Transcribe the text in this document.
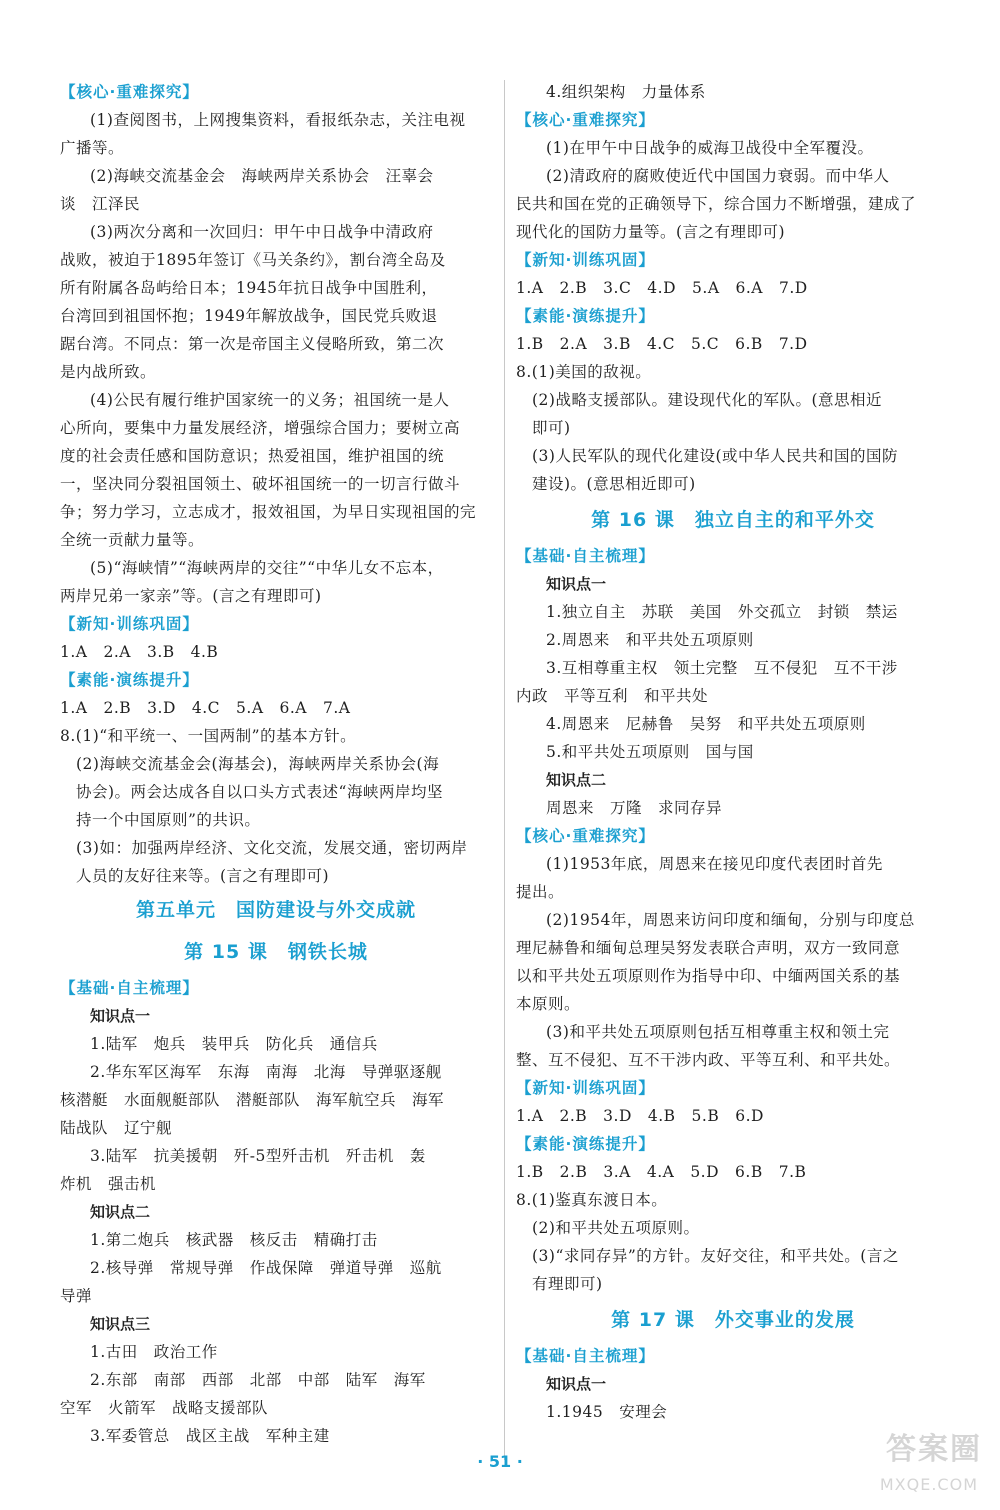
【核心·重难探究】
(1)查阅图书，上网搜集资料，看报纸杂志，关注电视
广播等。
(2)海峡交流基金会　海峡两岸关系协会　汪辜会
谈　江泽民
(3)两次分离和一次回归：甲午中日战争中清政府
战败，被迫于1895年签订《马关条约》，割台湾全岛及
所有附属各岛屿给日本；1945年抗日战争中国胜利，
台湾回到祖国怀抱；1949年解放战争，国民党兵败退
踞台湾。不同点：第一次是帝国主义侵略所致，第二次
是内战所致。
(4)公民有履行维护国家统一的义务；祖国统一是人
心所向，要集中力量发展经济，增强综合国力；要树立高
度的社会责任感和国防意识；热爱祖国，维护祖国的统
一，坚决同分裂祖国领土、破坏祖国统一的一切言行做斗
争；努力学习，立志成才，报效祖国，为早日实现祖国的完
全统一贡献力量等。
(5)“海峡情”“海峡两岸的交往”“中华儿女不忘本，
两岸兄弟一家亲”等。(言之有理即可)
【新知·训练巩固】
1.A　2.A　3.B　4.B
【素能·演练提升】
1.A　2.B　3.D　4.C　5.A　6.A　7.A
8.(1)“和平统一、一国两制”的基本方针。
(2)海峡交流基金会(海基会)，海峡两岸关系协会(海
协会)。两会达成各自以口头方式表述“海峡两岸均坚
持一个中国原则”的共识。
(3)如：加强两岸经济、文化交流，发展交通，密切两岸
人员的友好往来等。(言之有理即可)
第五单元　国防建设与外交成就
第 15 课　钢铁长城
【基础·自主梳理】
知识点一
1.陆军　炮兵　装甲兵　防化兵　通信兵
2.华东军区海军　东海　南海　北海　导弹驱逐舰
核潜艇　水面舰艇部队　潜艇部队　海军航空兵　海军
陆战队　辽宁舰
3.陆军　抗美援朝　歼-5型歼击机　歼击机　轰
炸机　强击机
知识点二
1.第二炮兵　核武器　核反击　精确打击
2.核导弹　常规导弹　作战保障　弹道导弹　巡航
导弹
知识点三
1.古田　政治工作
2.东部　南部　西部　北部　中部　陆军　海军
空军　火箭军　战略支援部队
3.军委管总　战区主战　军种主建
4.组织架构　力量体系
【核心·重难探究】
(1)在甲午中日战争的威海卫战役中全军覆没。
(2)清政府的腐败使近代中国国力衰弱。而中华人
民共和国在党的正确领导下，综合国力不断增强，建成了
现代化的国防力量等。(言之有理即可)
【新知·训练巩固】
1.A　2.B　3.C　4.D　5.A　6.A　7.D
【素能·演练提升】
1.B　2.A　3.B　4.C　5.C　6.B　7.D
8.(1)美国的敌视。
(2)战略支援部队。建设现代化的军队。(意思相近
即可)
(3)人民军队的现代化建设(或中华人民共和国的国防
建设)。(意思相近即可)
第 16 课　独立自主的和平外交
【基础·自主梳理】
知识点一
1.独立自主　苏联　美国　外交孤立　封锁　禁运
2.周恩来　和平共处五项原则
3.互相尊重主权　领土完整　互不侵犯　互不干涉
内政　平等互利　和平共处
4.周恩来　尼赫鲁　吴努　和平共处五项原则
5.和平共处五项原则　国与国
知识点二
周恩来　万隆　求同存异
【核心·重难探究】
(1)1953年底，周恩来在接见印度代表团时首先
提出。
(2)1954年，周恩来访问印度和缅甸，分别与印度总
理尼赫鲁和缅甸总理吴努发表联合声明，双方一致同意
以和平共处五项原则作为指导中印、中缅两国关系的基
本原则。
(3)和平共处五项原则包括互相尊重主权和领土完
整、互不侵犯、互不干涉内政、平等互利、和平共处。
【新知·训练巩固】
1.A　2.B　3.D　4.B　5.B　6.D
【素能·演练提升】
1.B　2.B　3.A　4.A　5.D　6.B　7.B
8.(1)鉴真东渡日本。
(2)和平共处五项原则。
(3)“求同存异”的方针。友好交往，和平共处。(言之
有理即可)
第 17 课　外交事业的发展
【基础·自主梳理】
知识点一
1.1945　安理会
· 51 ·	答案圈
MXQE.COM
